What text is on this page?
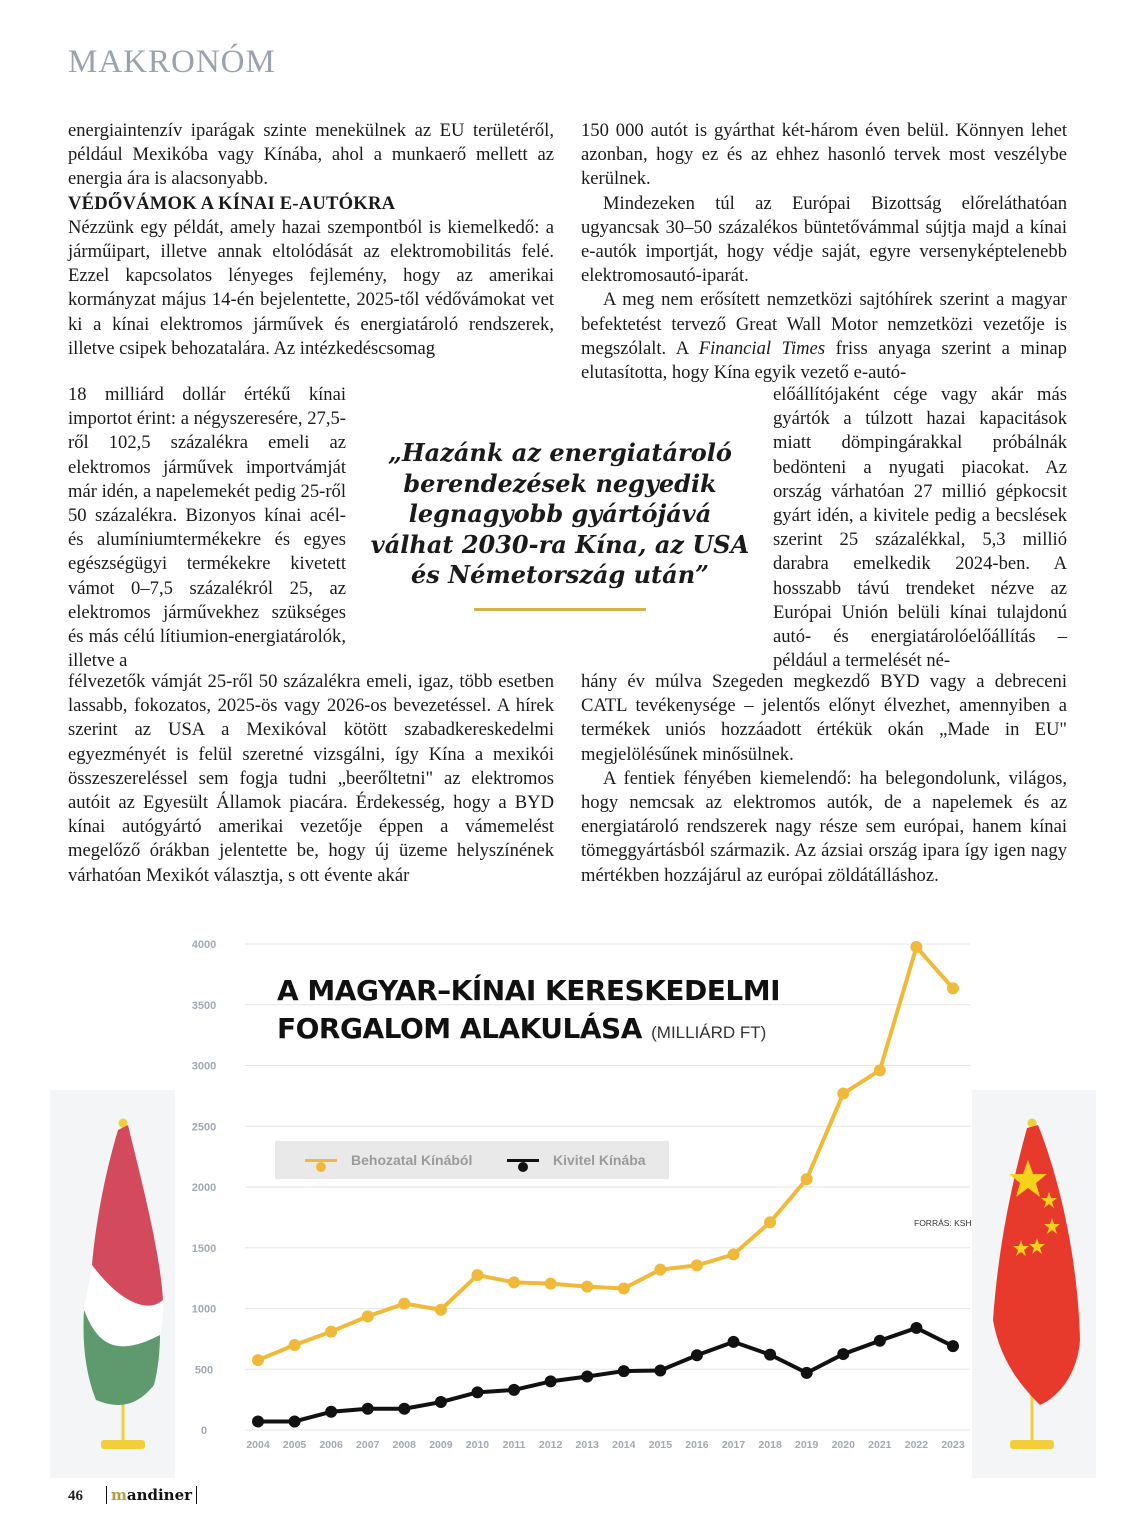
MAKRONÓM

energiaintenzív iparágak szinte menekülnek az EU területéről, például Mexikóba vagy Kínába, ahol a munkaerő mellett az energia ára is alacsonyabb.

VÉDŐVÁMOK A KÍNAI E-AUTÓKRA

Nézzünk egy példát, amely hazai szempontból is kiemelkedő: a járműipart, illetve annak eltolódását az elektromobilitás felé. Ezzel kapcsolatos lényeges fejlemény, hogy az amerikai kormányzat május 14-én bejelentette, 2025-től védővámokat vet ki a kínai elektromos járművek és energiatároló rendszerek, illetve csipek behozatalára. Az intézkedéscsomag

18 milliárd dollár értékű kínai importot érint: a négyszeresére, 27,5-ről 102,5 százalékra emeli az elektromos járművek importvámját már idén, a napelemekét pedig 25-ről 50 százalékra. Bizonyos kínai acél- és alumíniumtermékekre és egyes egészségügyi termékekre kivetett vámot 0–7,5 százalékról 25, az elektromos járművekhez szükséges és más célú lítiumion-energiatárolók, illetve a

félvezetők vámját 25-ről 50 százalékra emeli, igaz, több esetben lassabb, fokozatos, 2025-ös vagy 2026-os bevezetéssel. A hírek szerint az USA a Mexikóval kötött szabadkereskedelmi egyezményét is felül szeretné vizsgálni, így Kína a mexikói összeszereléssel sem fogja tudni „beerőltetni" az elektromos autóit az Egyesült Államok piacára. Érdekesség, hogy a BYD kínai autógyártó amerikai vezetője éppen a vámemelést megelőző órákban jelentette be, hogy új üzeme helyszínének várhatóan Mexikót választja, s ott évente akár

150 000 autót is gyárthat két-három éven belül. Könnyen lehet azonban, hogy ez és az ehhez hasonló tervek most veszélybe kerülnek.

Mindezeken túl az Európai Bizottság előreláthatóan ugyancsak 30–50 százalékos büntetővámmal sújtja majd a kínai e-autók importját, hogy védje saját, egyre versenyképtelenebb elektromosautó-iparát.

A meg nem erősített nemzetközi sajtóhírek szerint a magyar befektetést tervező Great Wall Motor nemzetközi vezetője is megszólalt. A Financial Times friss anyaga szerint a minap elutasította, hogy Kína egyik vezető e-autó-

előállítójaként cége vagy akár más gyártók a túlzott hazai kapacitások miatt dömpingárakkal próbálnák bedönteni a nyugati piacokat. Az ország várhatóan 27 millió gépkocsit gyárt idén, a kivitele pedig a becslések szerint 25 százalékkal, 5,3 millió darabra emelkedik 2024-ben. A hosszabb távú trendeket nézve az Európai Unión belüli kínai tulajdonú autó- és energiatárolóelőállítás – például a termelését né-

hány év múlva Szegeden megkezdő BYD vagy a debreceni CATL tevékenysége – jelentős előnyt élvezhet, amennyiben a termékek uniós hozzáadott értékük okán „Made in EU" megjelölésűnek minősülnek.

A fentiek fényében kiemelendő: ha belegondolunk, világos, hogy nemcsak az elektromos autók, de a napelemek és az energiatároló rendszerek nagy része sem európai, hanem kínai tömeggyártásból származik. Az ázsiai ország ipara így igen nagy mértékben hozzájárul az európai zöldátálláshoz.

„Hazánk az energiatároló
berendezések negyedik
legnagyobb gyártójává
válhat 2030-ra Kína, az USA
és Németország után”
0
500
1000
1500
2000
2500
3000
3500
4000
2004 2005 2006 2007 2008 2009 2010 2011 2012 2013 2014 2015 2016 2017 2018 2019 2020 2021 2022 2023
A MAGYAR–KÍNAI KERESKEDELMI
FORGALOM ALAKULÁSA (MILLIÁRD FT)
Behozatal Kínából	Kivitel Kínába
FORRÁS: KSH
46	mandiner
